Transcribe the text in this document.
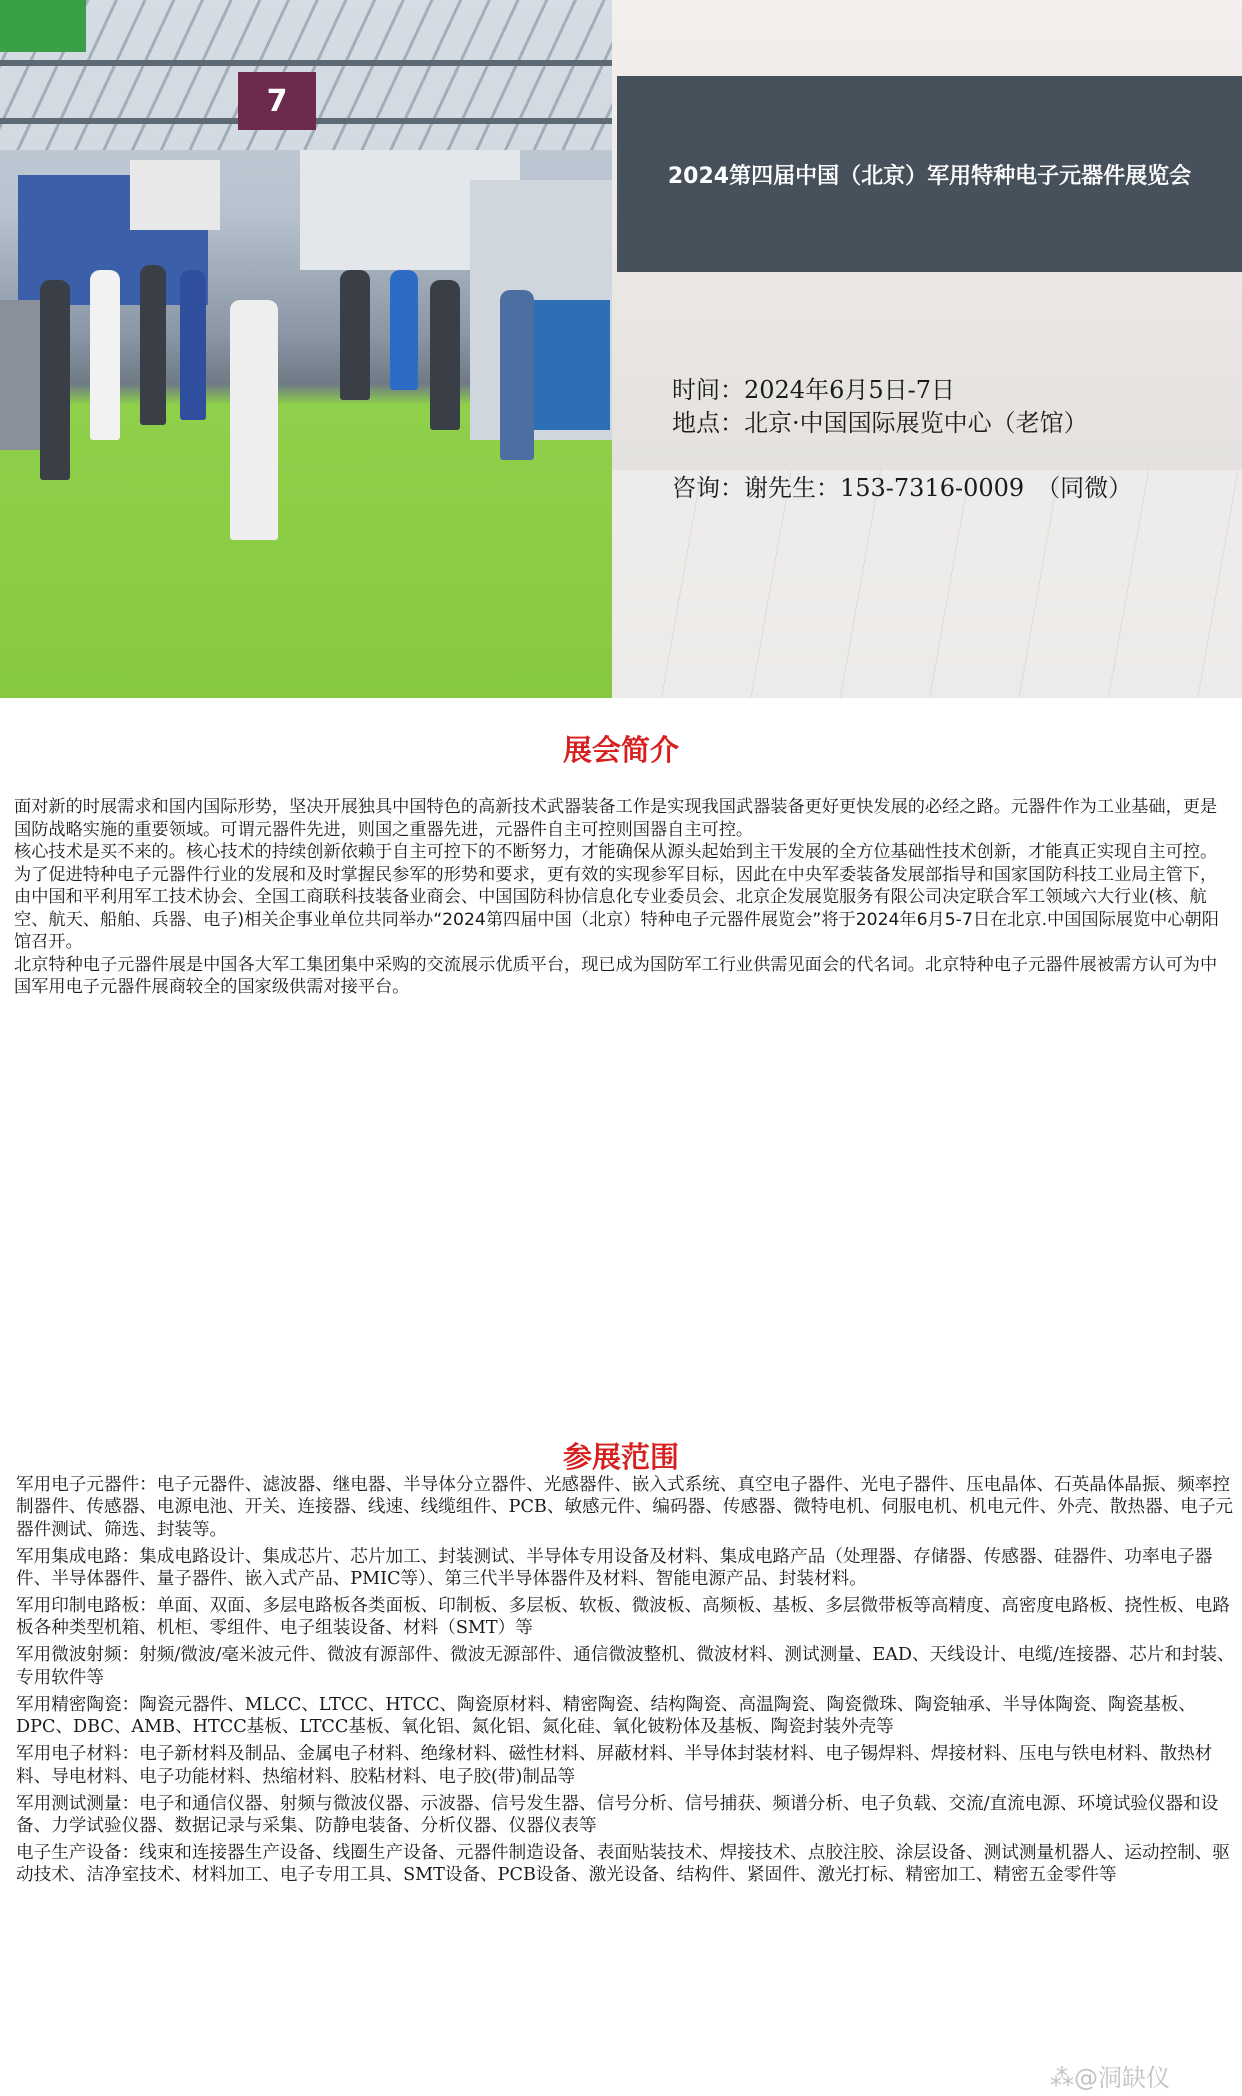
7
2024第四届中国（北京）军用特种电子元器件展览会
时间：2024年6月5日-7日
地点：北京·中国国际展览中心（老馆）
咨询：谢先生：153-7316-0009　（同微）
展会简介

面对新的时展需求和国内国际形势，坚决开展独具中国特色的高新技术武器装备工作是实现我国武器装备更好更快发展的必经之路。元器件作为工业基础，更是国防战略实施的重要领域。可谓元器件先进，则国之重器先进，元器件自主可控则国器自主可控。

核心技术是买不来的。核心技术的持续创新依赖于自主可控下的不断努力，才能确保从源头起始到主干发展的全方位基础性技术创新，才能真正实现自主可控。

为了促进特种电子元器件行业的发展和及时掌握民参军的形势和要求，更有效的实现参军目标，因此在中央军委装备发展部指导和国家国防科技工业局主管下，由中国和平利用军工技术协会、全国工商联科技装备业商会、中国国防科协信息化专业委员会、北京企发展览服务有限公司决定联合军工领域六大行业(核、航空、航天、船舶、兵器、电子)相关企事业单位共同举办“2024第四届中国（北京）特种电子元器件展览会”将于2024年6月5-7日在北京.中国国际展览中心朝阳馆召开。

北京特种电子元器件展是中国各大军工集团集中采购的交流展示优质平台，现已成为国防军工行业供需见面会的代名词。北京特种电子元器件展被需方认可为中国军用电子元器件展商较全的国家级供需对接平台。

参展范围

军用电子元器件：电子元器件、滤波器、继电器、半导体分立器件、光感器件、嵌入式系统、真空电子器件、光电子器件、压电晶体、石英晶体晶振、频率控制器件、传感器、电源电池、开关、连接器、线速、线缆组件、PCB、敏感元件、编码器、传感器、微特电机、伺服电机、机电元件、外壳、散热器、电子元器件测试、筛选、封装等。

军用集成电路：集成电路设计、集成芯片、芯片加工、封装测试、半导体专用设备及材料、集成电路产品（处理器、存储器、传感器、硅器件、功率电子器件、半导体器件、量子器件、嵌入式产品、PMIC等）、第三代半导体器件及材料、智能电源产品、封装材料。

军用印制电路板：单面、双面、多层电路板各类面板、印制板、多层板、软板、微波板、高频板、基板、多层微带板等高精度、高密度电路板、挠性板、电路板各种类型机箱、机柜、零组件、电子组装设备、材料（SMT）等

军用微波射频：射频/微波/毫米波元件、微波有源部件、微波无源部件、通信微波整机、微波材料、测试测量、EAD、天线设计、电缆/连接器、芯片和封装、专用软件等

军用精密陶瓷：陶瓷元器件、MLCC、LTCC、HTCC、陶瓷原材料、精密陶瓷、结构陶瓷、高温陶瓷、陶瓷微珠、陶瓷轴承、半导体陶瓷、陶瓷基板、DPC、DBC、AMB、HTCC基板、LTCC基板、氧化铝、氮化铝、氮化硅、氧化铍粉体及基板、陶瓷封装外壳等

军用电子材料：电子新材料及制品、金属电子材料、绝缘材料、磁性材料、屏蔽材料、半导体封装材料、电子锡焊料、焊接材料、压电与铁电材料、散热材料、导电材料、电子功能材料、热缩材料、胶粘材料、电子胶(带)制品等

军用测试测量：电子和通信仪器、射频与微波仪器、示波器、信号发生器、信号分析、信号捕获、频谱分析、电子负载、交流/直流电源、环境试验仪器和设备、力学试验仪器、数据记录与采集、防静电装备、分析仪器、仪器仪表等

电子生产设备：线束和连接器生产设备、线圈生产设备、元器件制造设备、表面贴装技术、焊接技术、点胶注胶、涂层设备、测试测量机器人、运动控制、驱动技术、洁净室技术、材料加工、电子专用工具、SMT设备、PCB设备、激光设备、结构件、紧固件、激光打标、精密加工、精密五金零件等

⁂@洞缺仪
